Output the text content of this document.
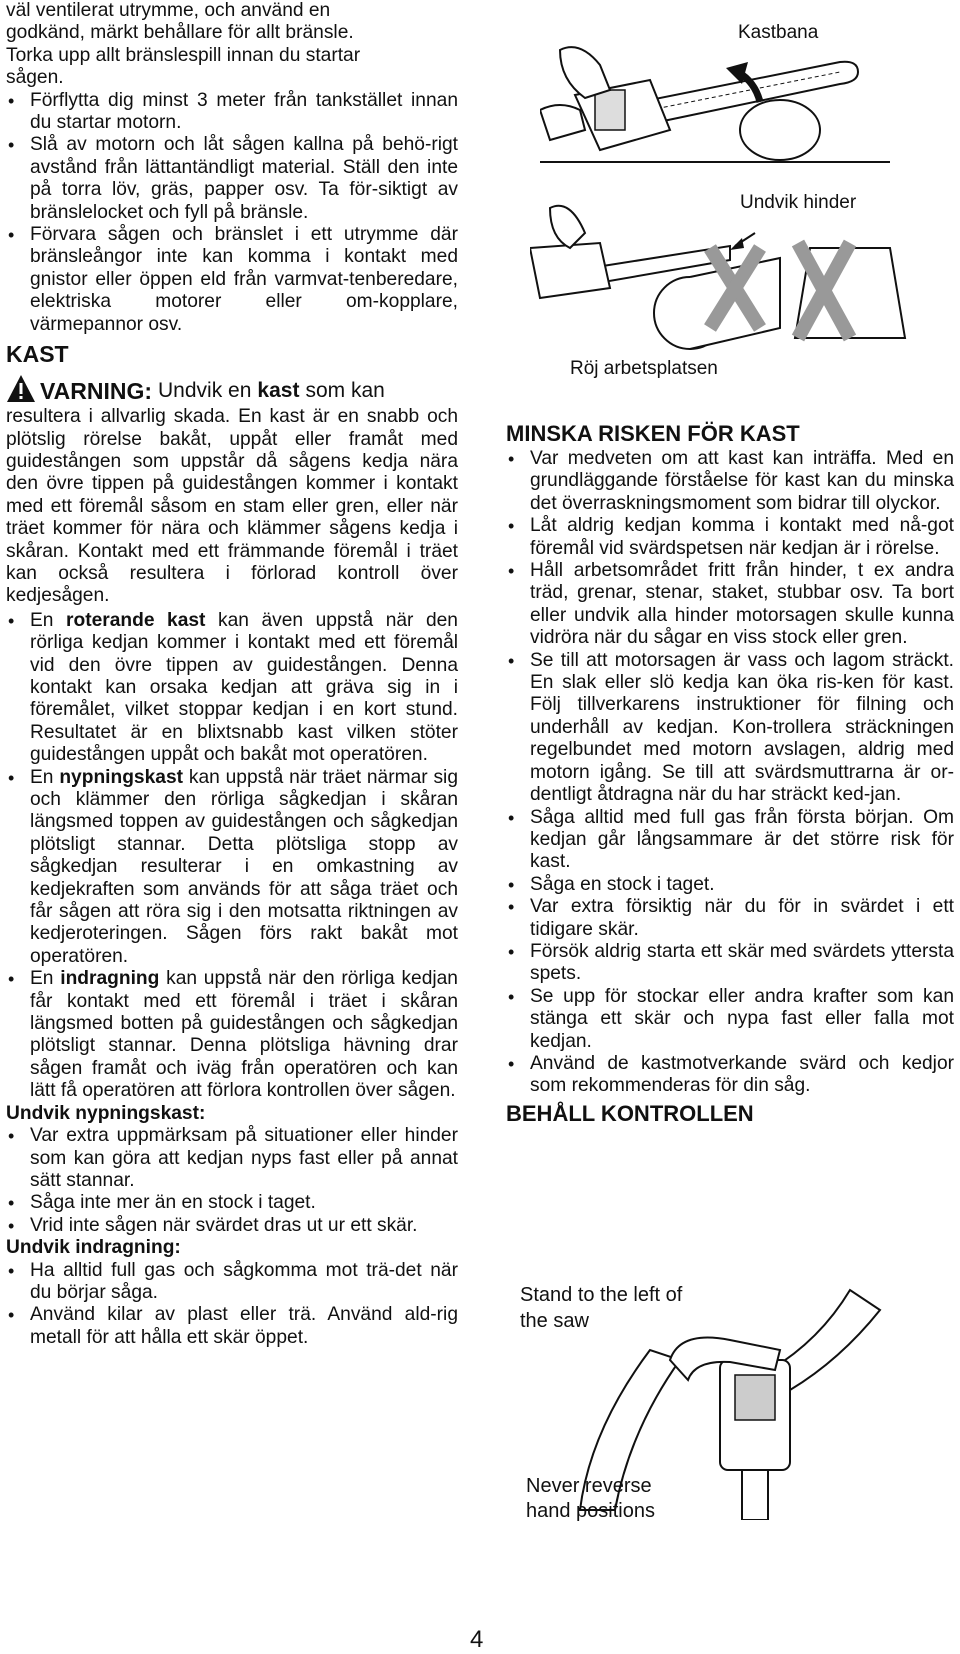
väl ventilerat utrymme, och använd en
godkänd, märkt behållare för allt bränsle.
Torka upp allt bränslespill innan du startar
sågen.
• Förflytta dig minst 3 meter från tankstället innan du startar motorn.
• Slå av motorn och låt sågen kallna på behö-rigt avstånd från lättantändligt material. Ställ den inte på torra löv, gräs, papper osv. Ta för-siktigt av bränslelocket och fyll på bränsle.
• Förvara sågen och bränslet i ett utrymme där bränsleångor inte kan komma i kontakt med gnistor eller öppen eld från varmvat-tenberedare, elektriska motorer eller om-kopplare, värmepannor osv.
KAST
VARNING: Undvik en kast som kan

resultera i allvarlig skada. En kast är en snabb och plötslig rörelse bakåt, uppåt eller framåt med guidestången som uppstår då sågens kedja nära den övre tippen på guidestången kommer i kontakt med ett föremål såsom en stam eller gren, eller när träet kommer för nära och klämmer sågens kedja i skåran. Kontakt med ett främmande föremål i träet kan också resultera i förlorad kontroll över kedjesågen.

• En roterande kast kan även uppstå när den rörliga kedjan kommer i kontakt med ett föremål vid den övre tippen av guidestången. Denna kontakt kan orsaka kedjan att gräva sig in i föremålet, vilket stoppar kedjan i en kort stund. Resultatet är en blixtsnabb kast vilken stöter guidestången uppåt och bakåt mot operatören.
• En nypningskast kan uppstå när träet närmar sig och klämmer den rörliga sågkedjan i skåran längsmed toppen av guidestången och sågkedjan plötsligt stannar. Detta plötsliga stopp av sågkedjan resulterar i en omkastning av kedjekraften som används för att såga träet och får sågen att röra sig i den motsatta riktningen av kedjeroteringen. Sågen förs rakt bakåt mot operatören.
• En indragning kan uppstå när den rörliga kedjan får kontakt med ett föremål i träet i skåran längsmed botten på guidestången och sågkedjan plötsligt stannar. Denna plötsliga hävning drar sågen framåt och iväg från operatören och kan lätt få operatören att förlora kontrollen över sågen.
Undvik nypningskast:
• Var extra uppmärksam på situationer eller hinder som kan göra att kedjan nyps fast eller på annat sätt stannar.
• Såga inte mer än en stock i taget.
• Vrid inte sågen när svärdet dras ut ur ett skär.
Undvik indragning:
• Ha alltid full gas och sågkomma mot trä-det när du börjar såga.
• Använd kilar av plast eller trä. Använd ald-rig metall för att hålla ett skär öppet.
Kastbana
Undvik hinder
Röj arbetsplatsen
MINSKA RISKEN FÖR KAST
• Var medveten om att kast kan inträffa. Med en grundläggande förståelse för kast kan du minska det överraskningsmoment som bidrar till olyckor.
• Låt aldrig kedjan komma i kontakt med nå-got föremål vid svärdspetsen när kedjan är i rörelse.
• Håll arbetsområdet fritt från hinder, t ex andra träd, grenar, stenar, staket, stubbar osv. Ta bort eller undvik alla hinder motorsagen skulle kunna vidröra när du sågar en viss stock eller gren.
• Se till att motorsagen är vass och lagom sträckt. En slak eller slö kedja kan öka ris-ken för kast. Följ tillverkarens instruktioner för filning och underhåll av kedjan. Kon-trollera sträckningen regelbundet med motorn avslagen, aldrig med motorn igång. Se till att svärdsmuttrarna är or-dentligt åtdragna när du har sträckt ked-jan.
• Såga alltid med full gas från första början. Om kedjan går långsammare är det större risk för kast.
• Såga en stock i taget.
• Var extra försiktig när du för in svärdet i ett tidigare skär.
• Försök aldrig starta ett skär med svärdets yttersta spets.
• Se upp för stockar eller andra krafter som kan stänga ett skär och nypa fast eller falla mot kedjan.
• Använd de kastmotverkande svärd och kedjor som rekommenderas för din såg.
BEHÅLL KONTROLLEN
Stand to the left of
the saw
Never reverse
hand positions
4
